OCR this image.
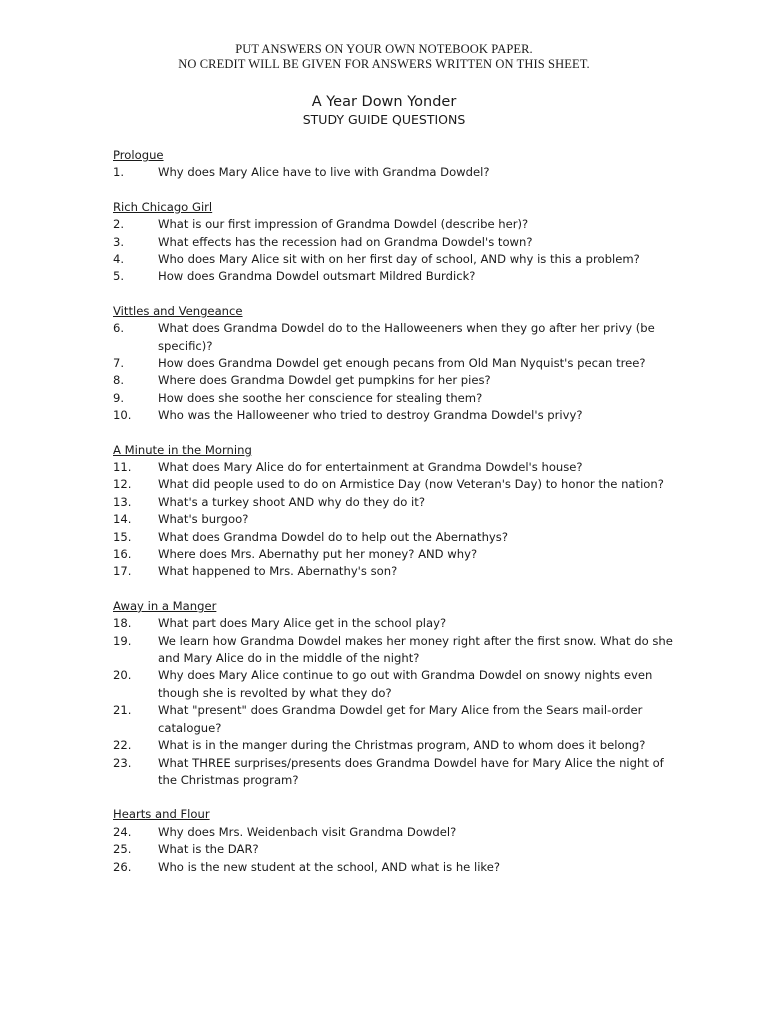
PUT ANSWERS ON YOUR OWN NOTEBOOK PAPER.
NO CREDIT WILL BE GIVEN FOR ANSWERS WRITTEN ON THIS SHEET.
A Year Down Yonder
STUDY GUIDE QUESTIONS
Prologue
1.	Why does Mary Alice have to live with Grandma Dowdel?
Rich Chicago Girl
2.	What is our first impression of Grandma Dowdel (describe her)?
3.	What effects has the recession had on Grandma Dowdel's town?
4.	Who does Mary Alice sit with on her first day of school, AND why is this a problem?
5.	How does Grandma Dowdel outsmart Mildred Burdick?
Vittles and Vengeance
6.	What does Grandma Dowdel do to the Halloweeners when they go after her privy (be specific)?
7.	How does Grandma Dowdel get enough pecans from Old Man Nyquist's pecan tree?
8.	Where does Grandma Dowdel get pumpkins for her pies?
9.	How does she soothe her conscience for stealing them?
10.	Who was the Halloweener who tried to destroy Grandma Dowdel's privy?
A Minute in the Morning
11.	What does Mary Alice do for entertainment at Grandma Dowdel's house?
12.	What did people used to do on Armistice Day (now Veteran's Day) to honor the nation?
13.	What's a turkey shoot AND why do they do it?
14.	What's burgoo?
15.	What does Grandma Dowdel do to help out the Abernathys?
16.	Where does Mrs. Abernathy put her money? AND why?
17.	What happened to Mrs. Abernathy's son?
Away in a Manger
18.	What part does Mary Alice get in the school play?
19.	We learn how Grandma Dowdel makes her money right after the first snow. What do she and Mary Alice do in the middle of the night?
20.	Why does Mary Alice continue to go out with Grandma Dowdel on snowy nights even though she is revolted by what they do?
21.	What "present" does Grandma Dowdel get for Mary Alice from the Sears mail-order catalogue?
22.	What is in the manger during the Christmas program, AND to whom does it belong?
23.	What THREE surprises/presents does Grandma Dowdel have for Mary Alice the night of the Christmas program?
Hearts and Flour
24.	Why does Mrs. Weidenbach visit Grandma Dowdel?
25.	What is the DAR?
26.	Who is the new student at the school, AND what is he like?
